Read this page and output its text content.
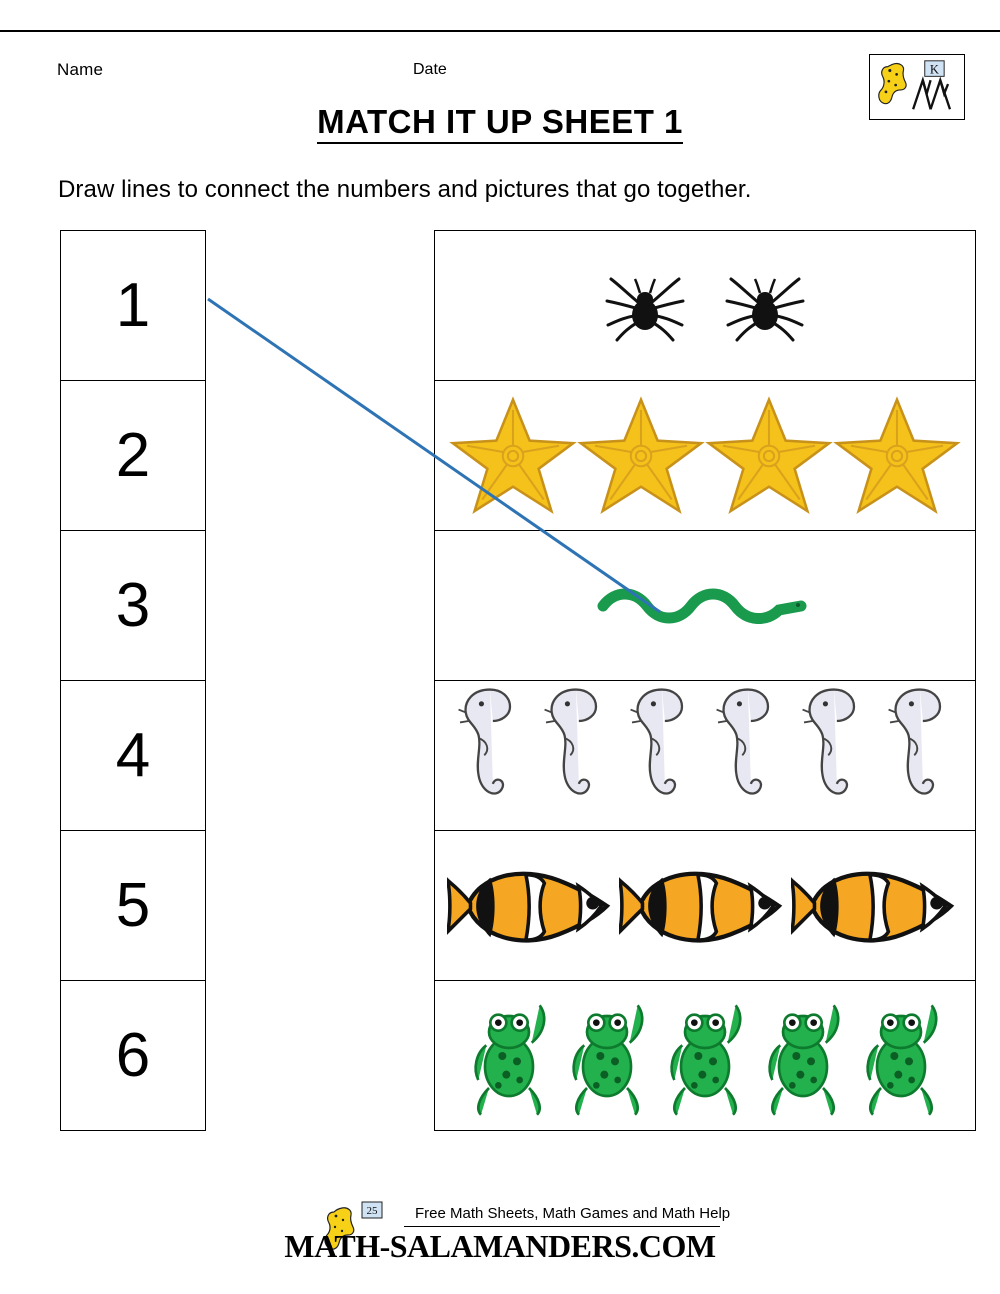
Name	Date	K
MATCH IT UP SHEET 1
Draw lines to connect the numbers and pictures that go together.
1
2
3
4
5
6
25	Free Math Sheets, Math Games and Math Help
MATH-SALAMANDERS.COM
